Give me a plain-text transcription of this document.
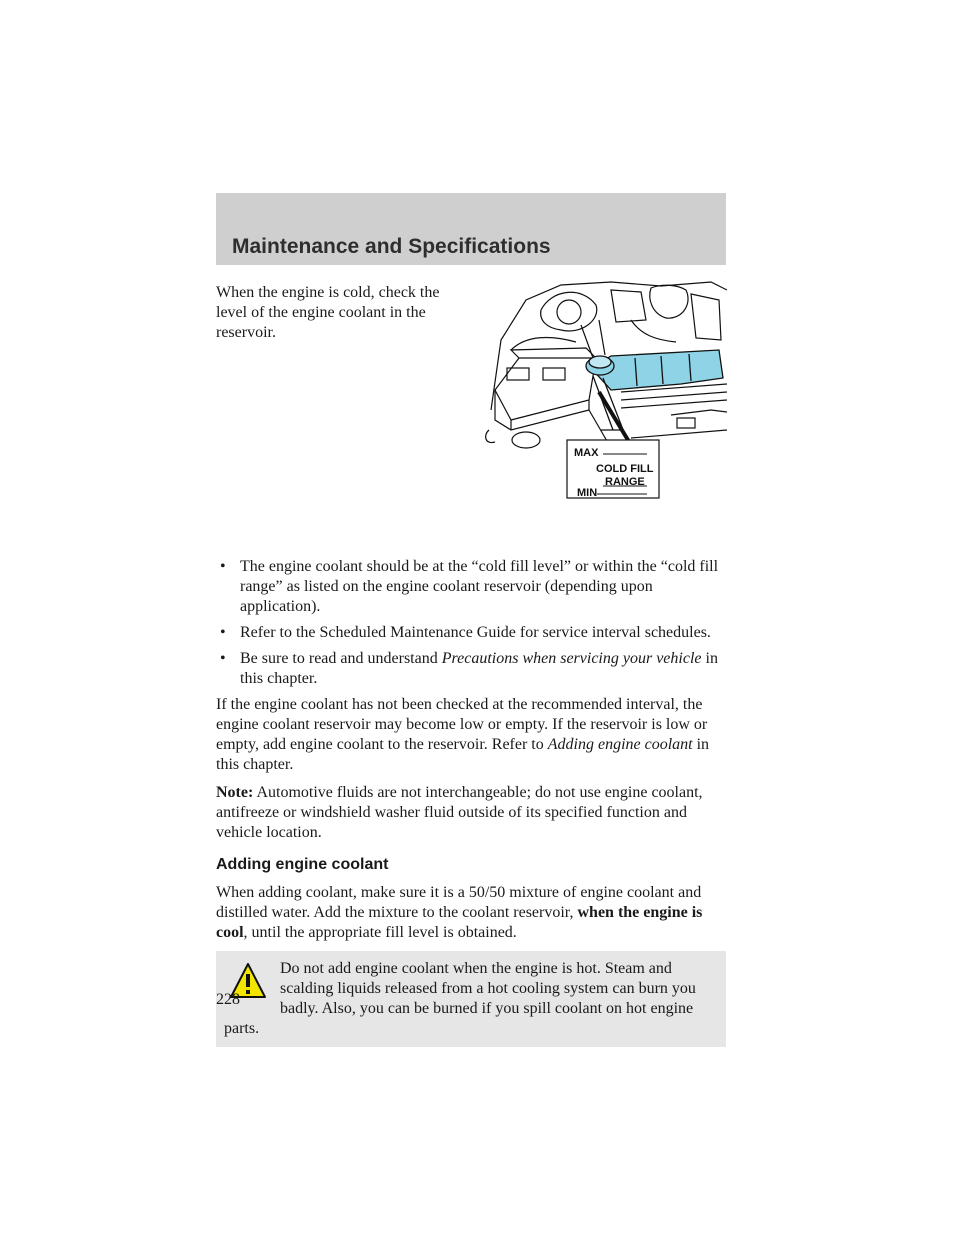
Maintenance and Specifications

When the engine is cold, check the level of the engine coolant in the reservoir.

MAX
COLD FILL
RANGE
MIN
• The engine coolant should be at the “cold fill level” or within the “cold fill range” as listed on the engine coolant reservoir (depending upon application).
• Refer to the Scheduled Maintenance Guide for service interval schedules.
• Be sure to read and understand Precautions when servicing your vehicle in this chapter.

If the engine coolant has not been checked at the recommended interval, the engine coolant reservoir may become low or empty. If the reservoir is low or empty, add engine coolant to the reservoir. Refer to Adding engine coolant in this chapter.

Note: Automotive fluids are not interchangeable; do not use engine coolant, antifreeze or windshield washer fluid outside of its specified function and vehicle location.

Adding engine coolant

When adding coolant, make sure it is a 50/50 mixture of engine coolant and distilled water. Add the mixture to the coolant reservoir, when the engine is cool, until the appropriate fill level is obtained.

Do not add engine coolant when the engine is hot. Steam and scalding liquids released from a hot cooling system can burn you badly. Also, you can be burned if you spill coolant on hot engine parts.

228
